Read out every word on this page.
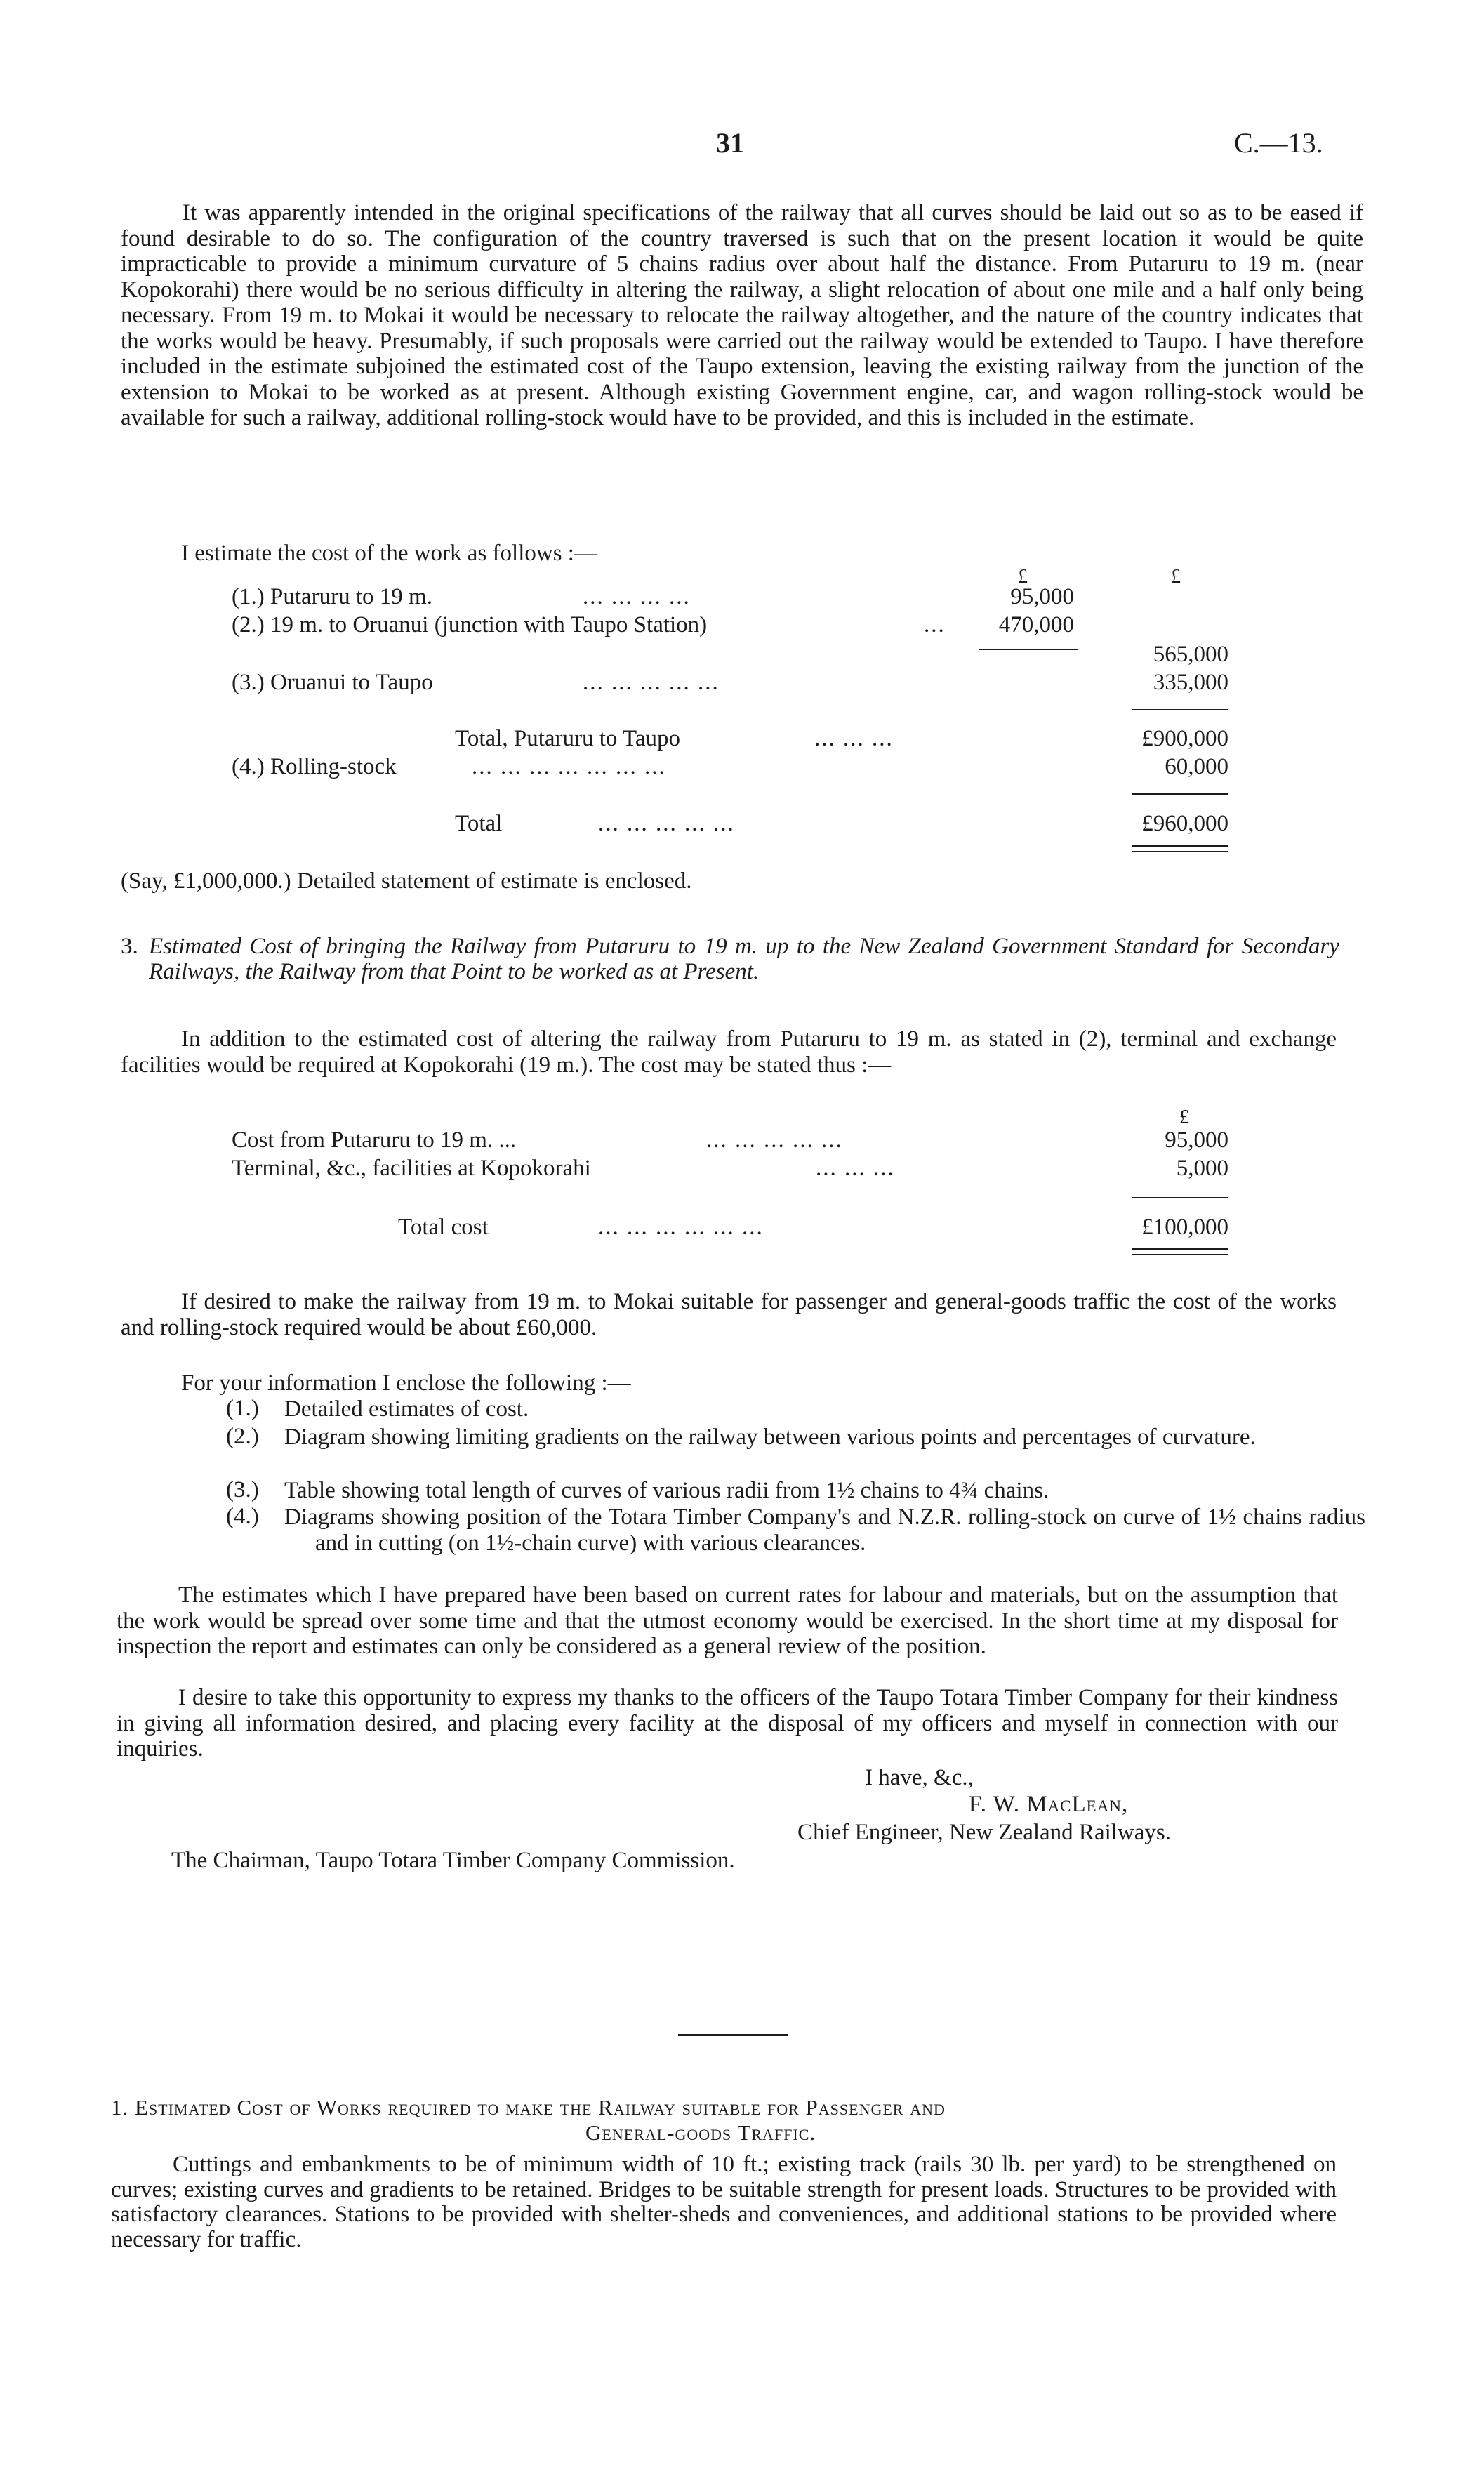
31	C.—13.

It was apparently intended in the original specifications of the railway that all curves should be laid out so as to be eased if found desirable to do so. The configuration of the country traversed is such that on the present location it would be quite impracticable to provide a minimum curvature of 5 chains radius over about half the distance. From Putaruru to 19 m. (near Kopokorahi) there would be no serious difficulty in altering the railway, a slight relocation of about one mile and a half only being necessary. From 19 m. to Mokai it would be necessary to relocate the railway altogether, and the nature of the country indicates that the works would be heavy. Presumably, if such proposals were carried out the railway would be extended to Taupo. I have therefore included in the estimate subjoined the estimated cost of the Taupo extension, leaving the existing railway from the junction of the extension to Mokai to be worked as at present. Although existing Government engine, car, and wagon rolling-stock would be available for such a railway, additional rolling-stock would have to be provided, and this is included in the estimate.

I estimate the cost of the work as follows :—
£	£
(1.) Putaruru to 19 m.	... ... ... ...	95,000
(2.) 19 m. to Oruanui (junction with Taupo Station)	...	470,000
565,000
(3.) Oruanui to Taupo	... ... ... ... ...	335,000
Total, Putaruru to Taupo	... ... ...	£900,000
(4.) Rolling-stock	... ... ... ... ... ... ...	60,000
Total	... ... ... ... ...	£960,000
(Say, £1,000,000.) Detailed statement of estimate is enclosed.
3. Estimated Cost of bringing the Railway from Putaruru to 19 m. up to the New Zealand Government Standard for Secondary Railways, the Railway from that Point to be worked as at Present.

In addition to the estimated cost of altering the railway from Putaruru to 19 m. as stated in (2), terminal and exchange facilities would be required at Kopokorahi (19 m.). The cost may be stated thus :—

£
Cost from Putaruru to 19 m. ...	... ... ... ... ...	95,000
Terminal, &c., facilities at Kopokorahi	... ... ...	5,000
Total cost	... ... ... ... ... ...	£100,000

If desired to make the railway from 19 m. to Mokai suitable for passenger and general-goods traffic the cost of the works and rolling-stock required would be about £60,000.

For your information I enclose the following :—
(1.) Detailed estimates of cost.

(2.) Diagram showing limiting gradients on the railway between various points and percentages of curvature.

(3.) Table showing total length of curves of various radii from 1½ chains to 4¾ chains.

(4.) Diagrams showing position of the Totara Timber Company's and N.Z.R. rolling-stock on curve of 1½ chains radius and in cutting (on 1½-chain curve) with various clearances.

The estimates which I have prepared have been based on current rates for labour and materials, but on the assumption that the work would be spread over some time and that the utmost economy would be exercised. In the short time at my disposal for inspection the report and estimates can only be considered as a general review of the position.

I desire to take this opportunity to express my thanks to the officers of the Taupo Totara Timber Company for their kindness in giving all information desired, and placing every facility at the disposal of my officers and myself in connection with our inquiries.

I have, &c.,
F. W. MacLean,
Chief Engineer, New Zealand Railways.
The Chairman, Taupo Totara Timber Company Commission.
1. Estimated Cost of Works required to make the Railway suitable for Passenger and
General-goods Traffic.

Cuttings and embankments to be of minimum width of 10 ft.; existing track (rails 30 lb. per yard) to be strengthened on curves; existing curves and gradients to be retained. Bridges to be suitable strength for present loads. Structures to be provided with satisfactory clearances. Stations to be provided with shelter-sheds and conveniences, and additional stations to be provided where necessary for traffic.
